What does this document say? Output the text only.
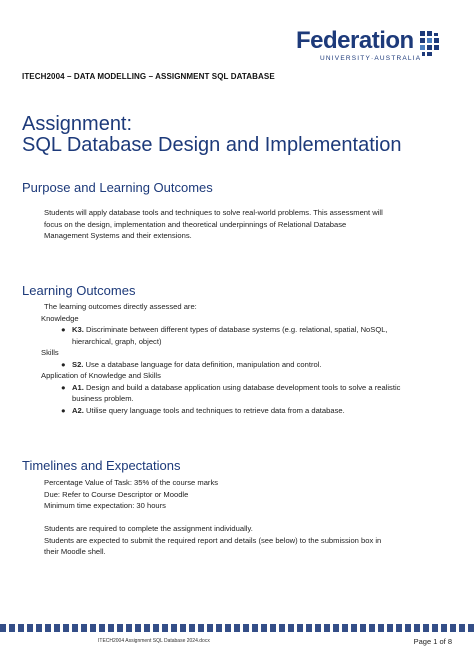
Federation
UNIVERSITY·AUSTRALIA
ITECH2004 – DATA MODELLING – ASSIGNMENT SQL DATABASE
Assignment:
SQL Database Design and Implementation
Purpose and Learning Outcomes
Students will apply database tools and techniques to solve real-world problems. This assessment will
focus on the design, implementation and theoretical underpinnings of Relational Database
Management Systems and their extensions.
Learning Outcomes
The learning outcomes directly assessed are:
Knowledge
● K3. Discriminate between different types of database systems (e.g. relational, spatial, NoSQL, hierarchical, graph, object)
Skills
● S2. Use a database language for data definition, manipulation and control.
Application of Knowledge and Skills
● A1. Design and build a database application using database development tools to solve a realistic business problem.
● A2. Utilise query language tools and techniques to retrieve data from a database.
Timelines and Expectations
Percentage Value of Task: 35% of the course marks
Due: Refer to Course Descriptor or Moodle
Minimum time expectation: 30 hours
Students are required to complete the assignment individually.
Students are expected to submit the required report and details (see below) to the submission box in
their Moodle shell.
ITECH2004 Assignment SQL Database 2024.docx	Page 1 of 8
